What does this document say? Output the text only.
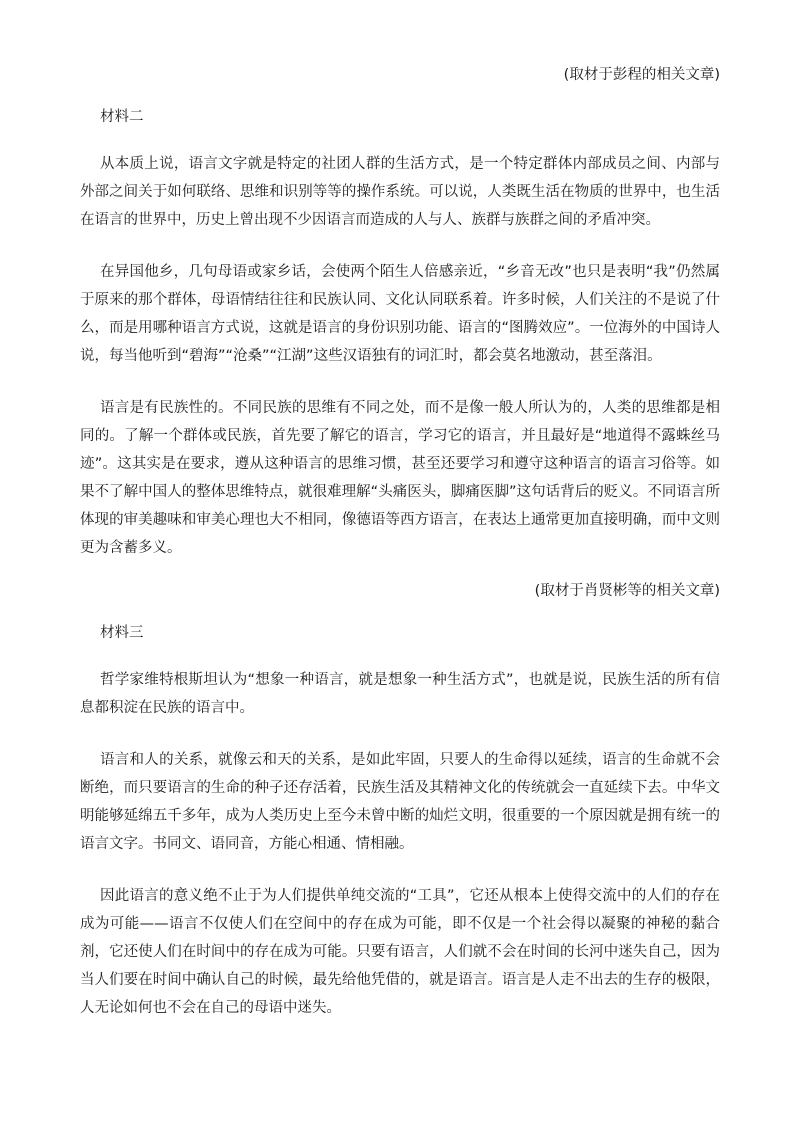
(取材于彭程的相关文章)

材料二

从本质上说，语言文字就是特定的社团人群的生活方式，是一个特定群体内部成员之间、内部与外部之间关于如何联络、思维和识别等等的操作系统。可以说，人类既生活在物质的世界中，也生活在语言的世界中，历史上曾出现不少因语言而造成的人与人、族群与族群之间的矛盾冲突。

在异国他乡，几句母语或家乡话，会使两个陌生人倍感亲近，“乡音无改”也只是表明“我”仍然属于原来的那个群体，母语情结往往和民族认同、文化认同联系着。许多时候，人们关注的不是说了什么，而是用哪种语言方式说，这就是语言的身份识别功能、语言的“图腾效应”。一位海外的中国诗人说，每当他听到“碧海”“沧桑”“江湖”这些汉语独有的词汇时，都会莫名地激动，甚至落泪。

语言是有民族性的。不同民族的思维有不同之处，而不是像一般人所认为的，人类的思维都是相同的。了解一个群体或民族，首先要了解它的语言，学习它的语言，并且最好是“地道得不露蛛丝马迹”。这其实是在要求，遵从这种语言的思维习惯，甚至还要学习和遵守这种语言的语言习俗等。如果不了解中国人的整体思维特点，就很难理解“头痛医头，脚痛医脚”这句话背后的贬义。不同语言所体现的审美趣味和审美心理也大不相同，像德语等西方语言，在表达上通常更加直接明确，而中文则更为含蓄多义。

(取材于肖贤彬等的相关文章)

材料三

哲学家维特根斯坦认为“想象一种语言，就是想象一种生活方式”，也就是说，民族生活的所有信息都积淀在民族的语言中。

语言和人的关系，就像云和天的关系，是如此牢固，只要人的生命得以延续，语言的生命就不会断绝，而只要语言的生命的种子还存活着，民族生活及其精神文化的传统就会一直延续下去。中华文明能够延绵五千多年，成为人类历史上至今未曾中断的灿烂文明，很重要的一个原因就是拥有统一的语言文字。书同文、语同音，方能心相通、情相融。

因此语言的意义绝不止于为人们提供单纯交流的“工具”，它还从根本上使得交流中的人们的存在成为可能——语言不仅使人们在空间中的存在成为可能，即不仅是一个社会得以凝聚的神秘的黏合剂，它还使人们在时间中的存在成为可能。只要有语言，人们就不会在时间的长河中迷失自己，因为当人们要在时间中确认自己的时候，最先给他凭借的，就是语言。语言是人走不出去的生存的极限，人无论如何也不会在自己的母语中迷失。
